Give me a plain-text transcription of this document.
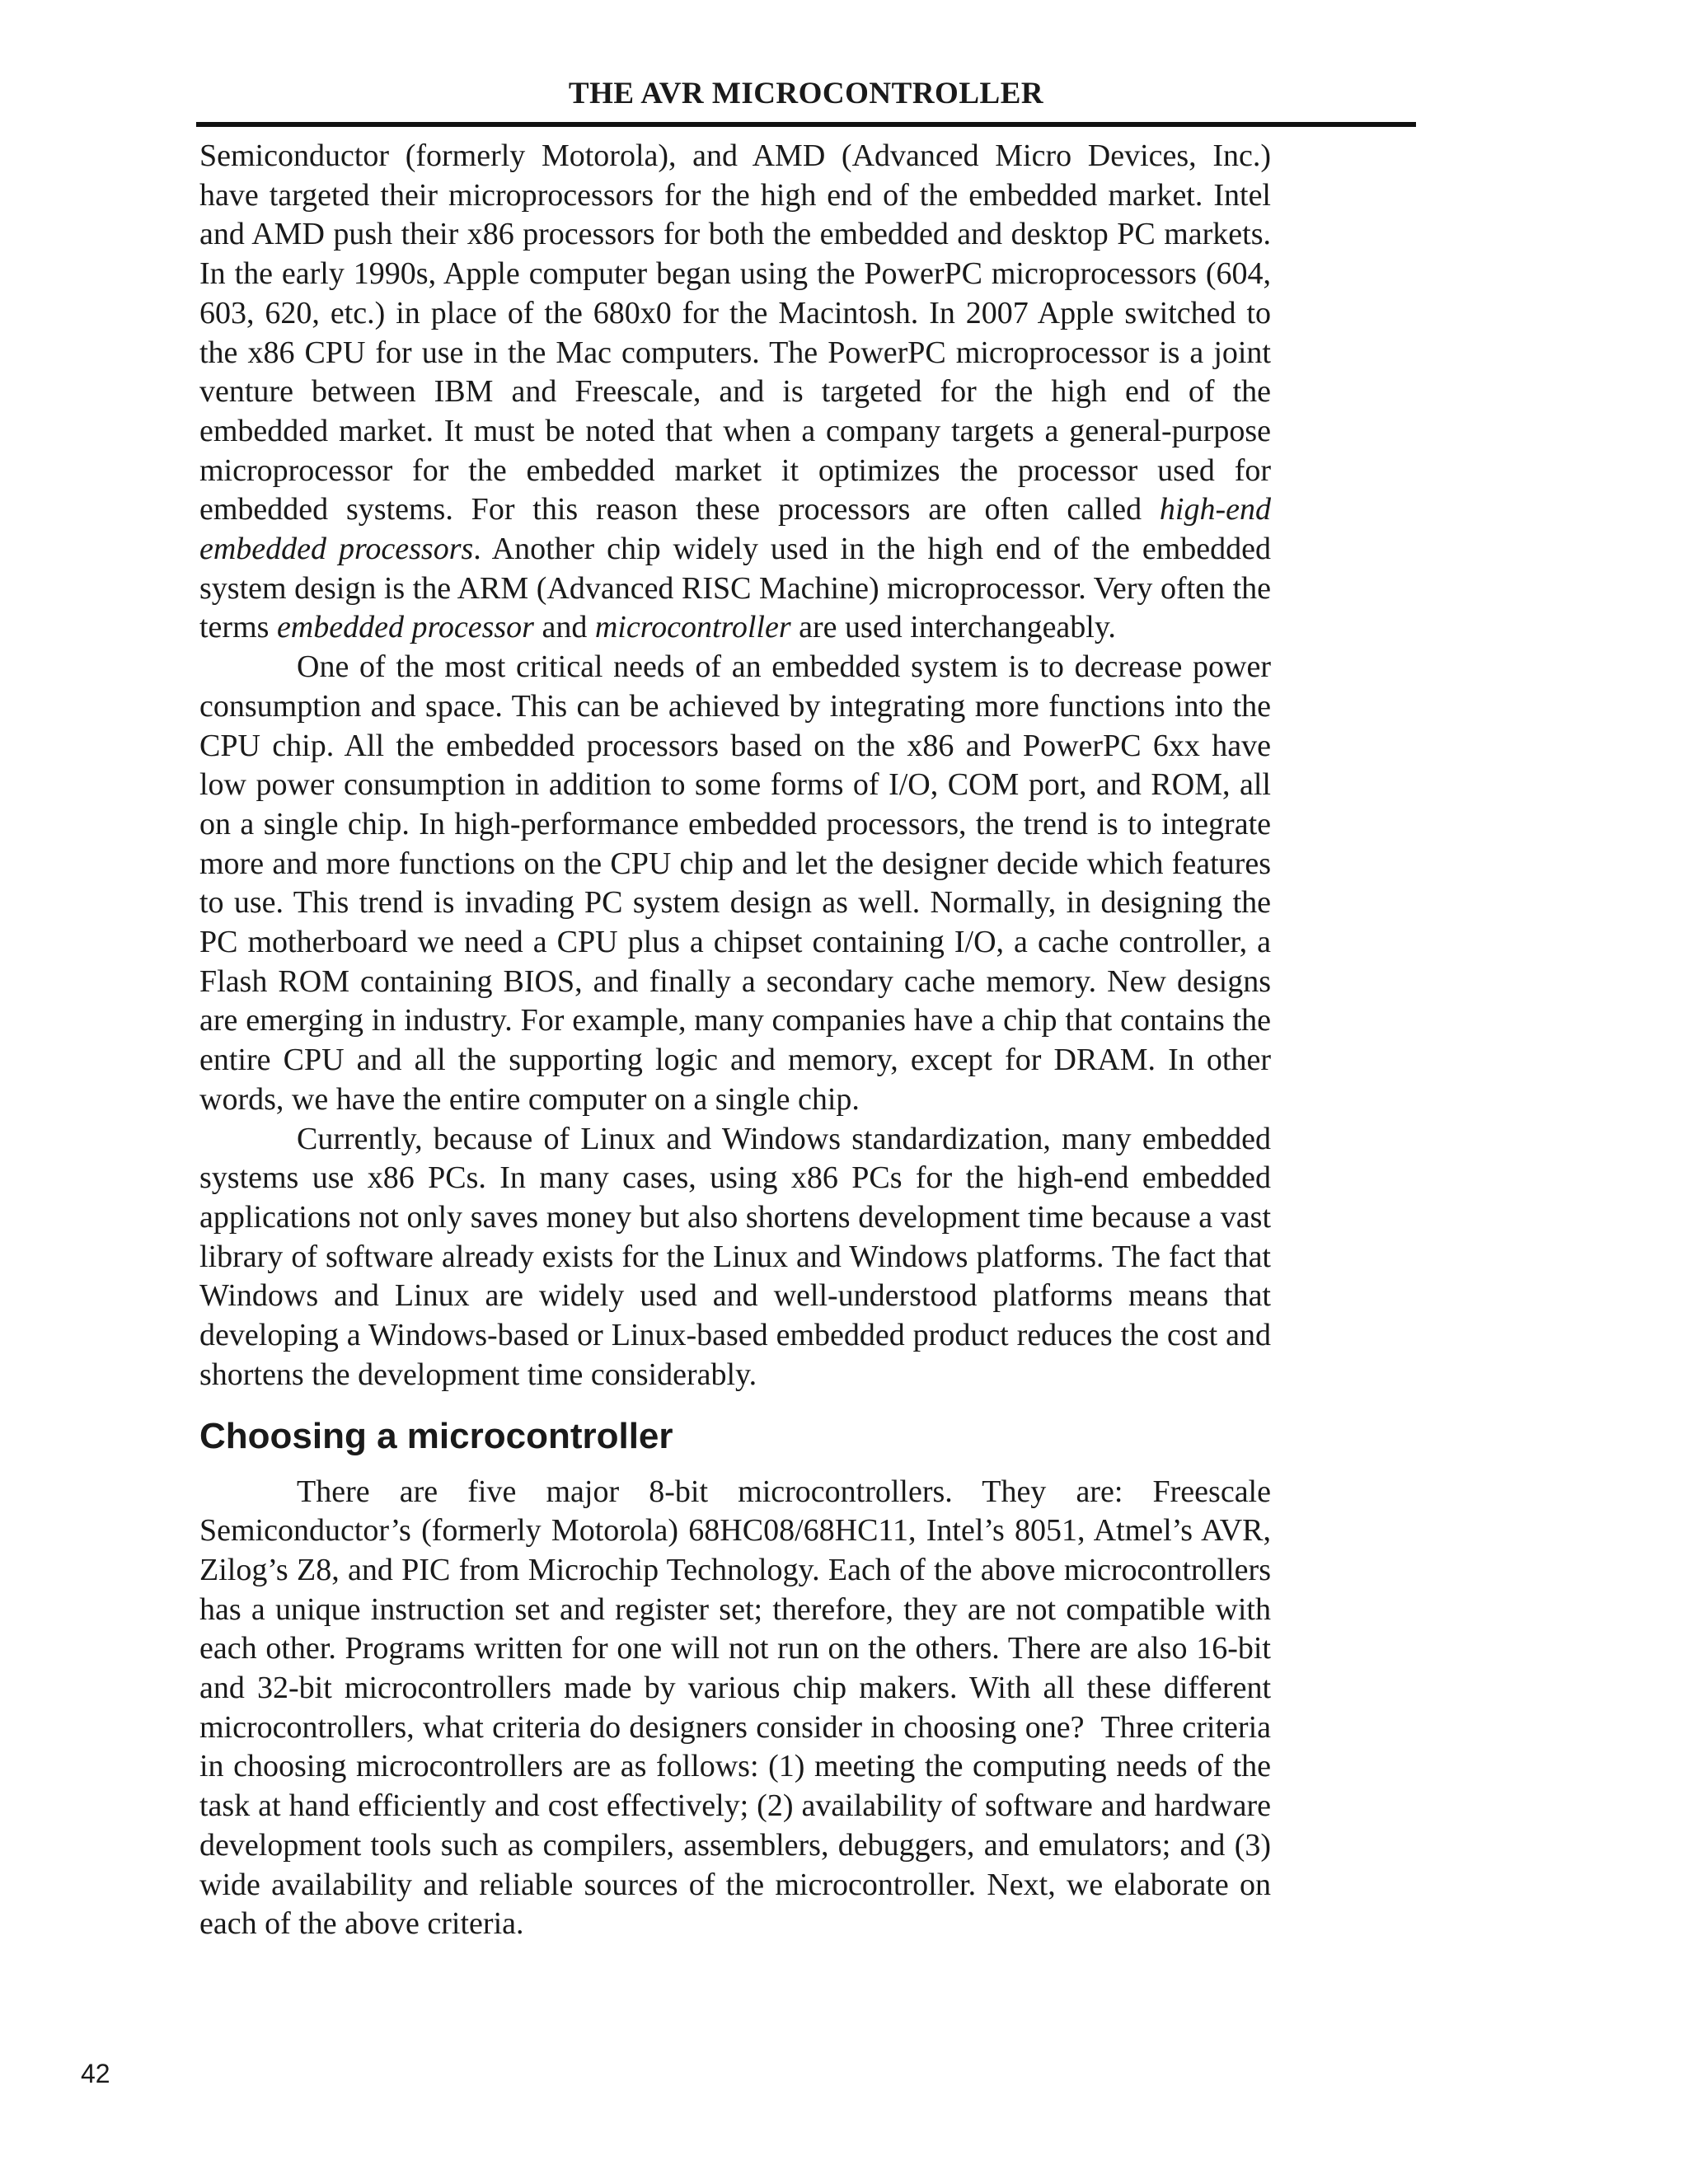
THE AVR MICROCONTROLLER

Semiconductor (formerly Motorola), and AMD (Advanced Micro Devices, Inc.) have targeted their microprocessors for the high end of the embedded market. Intel and AMD push their x86 processors for both the embedded and desktop PC markets. In the early 1990s, Apple computer began using the PowerPC microprocessors (604, 603, 620, etc.) in place of the 680x0 for the Macintosh. In 2007 Apple switched to the x86 CPU for use in the Mac computers. The PowerPC microprocessor is a joint venture between IBM and Freescale, and is targeted for the high end of the embedded market. It must be noted that when a company targets a general-purpose microprocessor for the embedded market it optimizes the processor used for embedded systems. For this reason these processors are often called high-end embedded processors. Another chip widely used in the high end of the embedded system design is the ARM (Advanced RISC Machine) microprocessor. Very often the terms embedded processor and microcontroller are used interchangeably.

One of the most critical needs of an embedded system is to decrease power consumption and space. This can be achieved by integrating more functions into the CPU chip. All the embedded processors based on the x86 and PowerPC 6xx have low power consumption in addition to some forms of I/O, COM port, and ROM, all on a single chip. In high-performance embedded processors, the trend is to integrate more and more functions on the CPU chip and let the designer decide which features to use. This trend is invading PC system design as well. Normally, in designing the PC motherboard we need a CPU plus a chipset containing I/O, a cache controller, a Flash ROM containing BIOS, and finally a secondary cache memory. New designs are emerging in industry. For example, many companies have a chip that contains the entire CPU and all the supporting logic and memory, except for DRAM. In other words, we have the entire computer on a single chip.

Currently, because of Linux and Windows standardization, many embedded systems use x86 PCs. In many cases, using x86 PCs for the high-end embedded applications not only saves money but also shortens development time because a vast library of software already exists for the Linux and Windows platforms. The fact that Windows and Linux are widely used and well-understood platforms means that developing a Windows-based or Linux-based embedded product reduces the cost and shortens the development time considerably.

Choosing a microcontroller

There are five major 8-bit microcontrollers. They are: Freescale Semiconductor’s (formerly Motorola) 68HC08/68HC11, Intel’s 8051, Atmel’s AVR, Zilog’s Z8, and PIC from Microchip Technology. Each of the above microcontrollers has a unique instruction set and register set; therefore, they are not compatible with each other. Programs written for one will not run on the others. There are also 16-bit and 32-bit microcontrollers made by various chip makers. With all these different microcontrollers, what criteria do designers consider in choosing one?  Three criteria in choosing microcontrollers are as follows: (1) meeting the computing needs of the task at hand efficiently and cost effectively; (2) availability of software and hardware development tools such as compilers, assemblers, debuggers, and emulators; and (3) wide availability and reliable sources of the microcontroller. Next, we elaborate on each of the above criteria.

42
